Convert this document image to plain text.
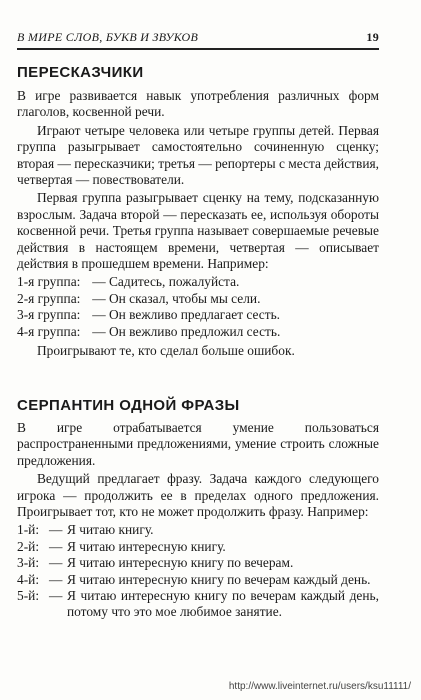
В МИРЕ СЛОВ, БУКВ И ЗВУКОВ	19
ПЕРЕСКАЗЧИКИ

В игре развивается навык употребления различных форм глаголов, косвенной речи.

Играют четыре человека или четыре группы детей. Первая группа разыгрывает самостоятельно сочиненную сценку; вторая — пересказчики; третья — репортеры с места действия, четвертая — повествователи.

Первая группа разыгрывает сценку на тему, подсказанную взрослым. Задача второй — пересказать ее, используя обороты косвенной речи. Третья группа называет совершаемые речевые действия в настоящем времени, четвертая — описывает действия в прошедшем времени. Например:

1-я группа: — Садитесь, пожалуйста.
2-я группа: — Он сказал, чтобы мы сели.
3-я группа: — Он вежливо предлагает сесть.
4-я группа: — Он вежливо предложил сесть.

Проигрывают те, кто сделал больше ошибок.

СЕРПАНТИН ОДНОЙ ФРАЗЫ

В игре отрабатывается умение пользоваться распространенными предложениями, умение строить сложные предложения.

Ведущий предлагает фразу. Задача каждого следующего игрока — продолжить ее в пределах одного предложения. Проигрывает тот, кто не может продолжить фразу. Например:

1-й: — Я читаю книгу.
2-й: — Я читаю интересную книгу.
3-й: — Я читаю интересную книгу по вечерам.
4-й: — Я читаю интересную книгу по вечерам каждый день.
5-й: — Я читаю интересную книгу по вечерам каждый день, потому что это мое любимое занятие.
http://www.liveinternet.ru/users/ksu11111/
